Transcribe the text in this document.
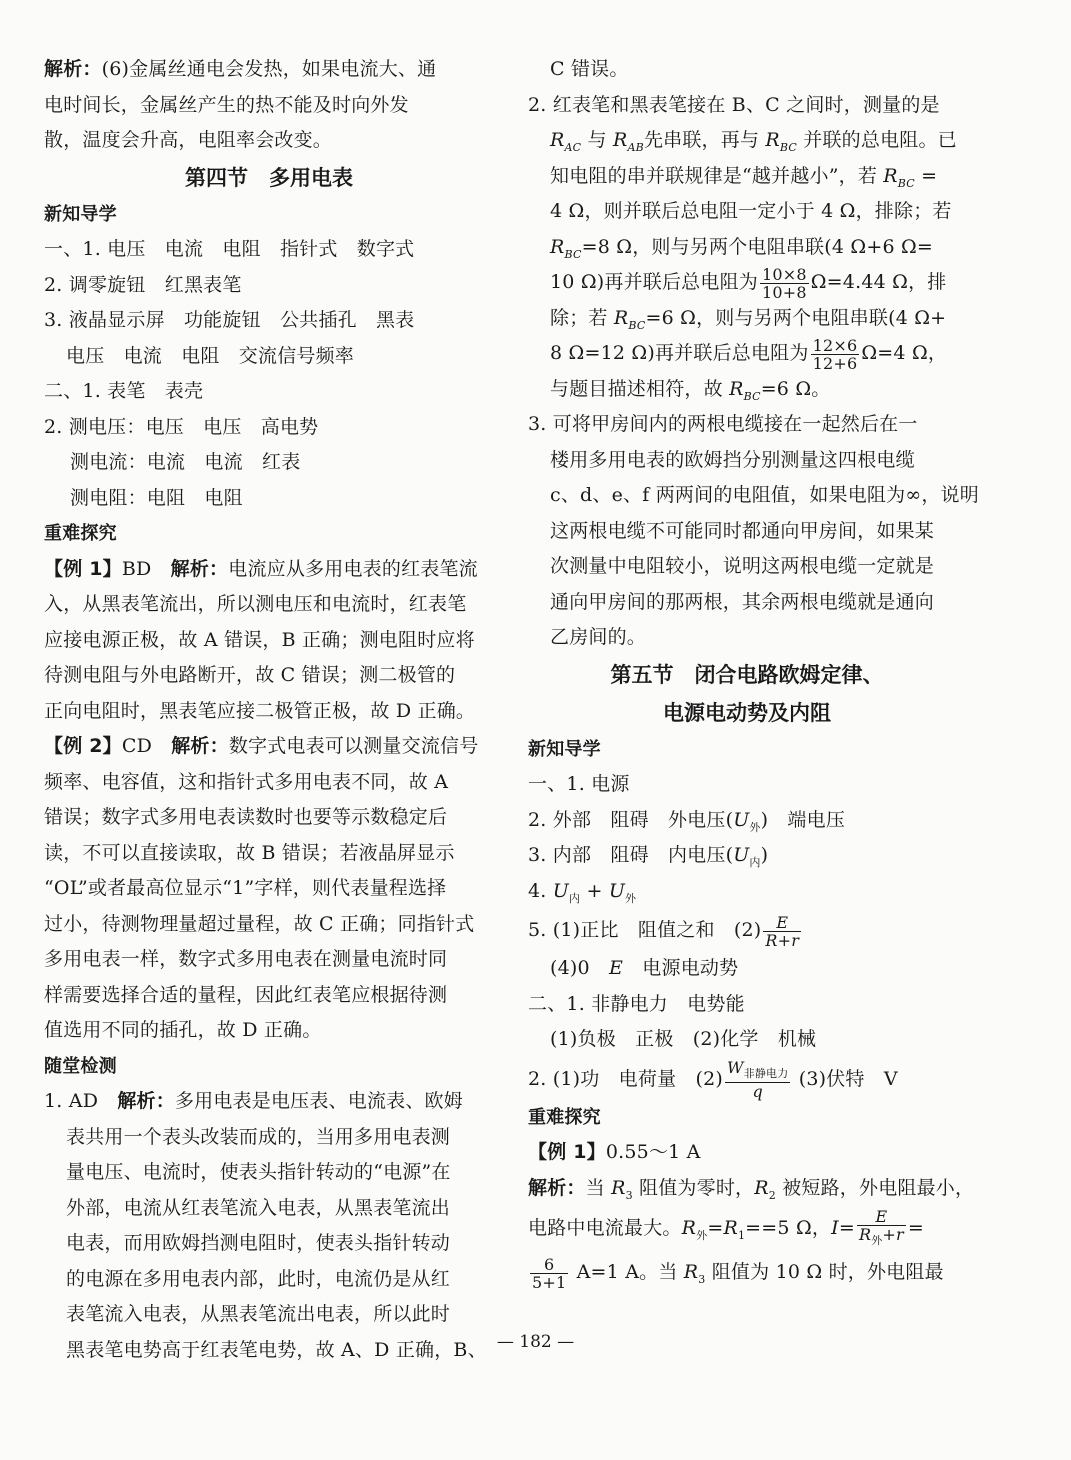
解析：(6)金属丝通电会发热，如果电流大、通
电时间长，金属丝产生的热不能及时向外发
散，温度会升高，电阻率会改变。
第四节　多用电表
新知导学
一、1. 电压　电流　电阻　指针式　数字式
2. 调零旋钮　红黑表笔
3. 液晶显示屏　功能旋钮　公共插孔　黑表
电压　电流　电阻　交流信号频率
二、1. 表笔　表壳
2. 测电压：电压　电压　高电势
测电流：电流　电流　红表
测电阻：电阻　电阻
重难探究
【例 1】BD　 解析：电流应从多用电表的红表笔流
入，从黑表笔流出，所以测电压和电流时，红表笔
应接电源正极，故 A 错误，B 正确；测电阻时应将
待测电阻与外电路断开，故 C 错误；测二极管的
正向电阻时，黑表笔应接二极管正极，故 D 正确。
【例 2】CD　 解析：数字式电表可以测量交流信号
频率、电容值，这和指针式多用电表不同，故 A
错误；数字式多用电表读数时也要等示数稳定后
读，不可以直接读取，故 B 错误；若液晶屏显示
“OL”或者最高位显示“1”字样，则代表量程选择
过小，待测物理量超过量程，故 C 正确；同指针式
多用电表一样，数字式多用电表在测量电流时同
样需要选择合适的量程，因此红表笔应根据待测
值选用不同的插孔，故 D 正确。
随堂检测
1. AD　 解析：多用电表是电压表、电流表、欧姆
表共用一个表头改装而成的，当用多用电表测
量电压、电流时，使表头指针转动的“电源”在
外部，电流从红表笔流入电表，从黑表笔流出
电表，而用欧姆挡测电阻时，使表头指针转动
的电源在多用电表内部，此时，电流仍是从红
表笔流入电表，从黑表笔流出电表，所以此时
黑表笔电势高于红表笔电势，故 A、D 正确，B、
C 错误。
2. 红表笔和黑表笔接在 B、C 之间时，测量的是
$R_{AC}$ 与 $R_{AB}$先串联，再与 $R_{BC}$ 并联的总电阻。已
知电阻的串并联规律是“越并越小”，若 $R_{BC}$ =
4 Ω，则并联后总电阻一定小于 4 Ω，排除；若
$R_{BC}=8$ Ω，则与另两个电阻串联(4 Ω+6 Ω=
10 Ω)再并联后总电阻为 $\frac{10\times 8}{10+8} \Omega=4.44$ Ω，排
除；若 $R_{BC}=6$ Ω，则与另两个电阻串联(4 Ω+
8 Ω=12 Ω)再并联后总电阻为 $\frac{12\times 6}{12+6} \Omega=4$ Ω，
与题目描述相符，故 $R_{BC}=6$ Ω。
3. 可将甲房间内的两根电缆接在一起然后在一
楼用多用电表的欧姆挡分别测量这四根电缆
c、d、e、f 两两间的电阻值，如果电阻为∞，说明
这两根电缆不可能同时都通向甲房间，如果某
次测量中电阻较小，说明这两根电缆一定就是
通向甲房间的那两根，其余两根电缆就是通向
乙房间的。
第五节　闭合电路欧姆定律、
电源电动势及内阻
新知导学
一、1. 电源
2. 外部　阻碍　外电压$(U_外)$　端电压
3. 内部　阻碍　内电压$(U_内)$
4. $U_内 + U_外$
5. (1)正比　阻值之和　$(2) \frac{E}{R+r}$
(4)0　E　电源电动势
二、1. 非静电力　电势能
(1)负极　正极　(2)化学　机械
2. (1)功　电荷量　$(2) \frac{W_{非静电力}}{q} (3)$伏特　V
重难探究
【例 1】0.55～1 A
解析：当 $R_3$ 阻值为零时，$R_2$ 被短路，外电阻最小，
电路中电流最大。$R_外=R_1==5$ Ω，$I= \frac{E}{R_外+r}$ =
$\frac{6}{5+1} A=1$ A。当 $R_3$ 阻值为 10 Ω 时，外电阻最
— 182 —
